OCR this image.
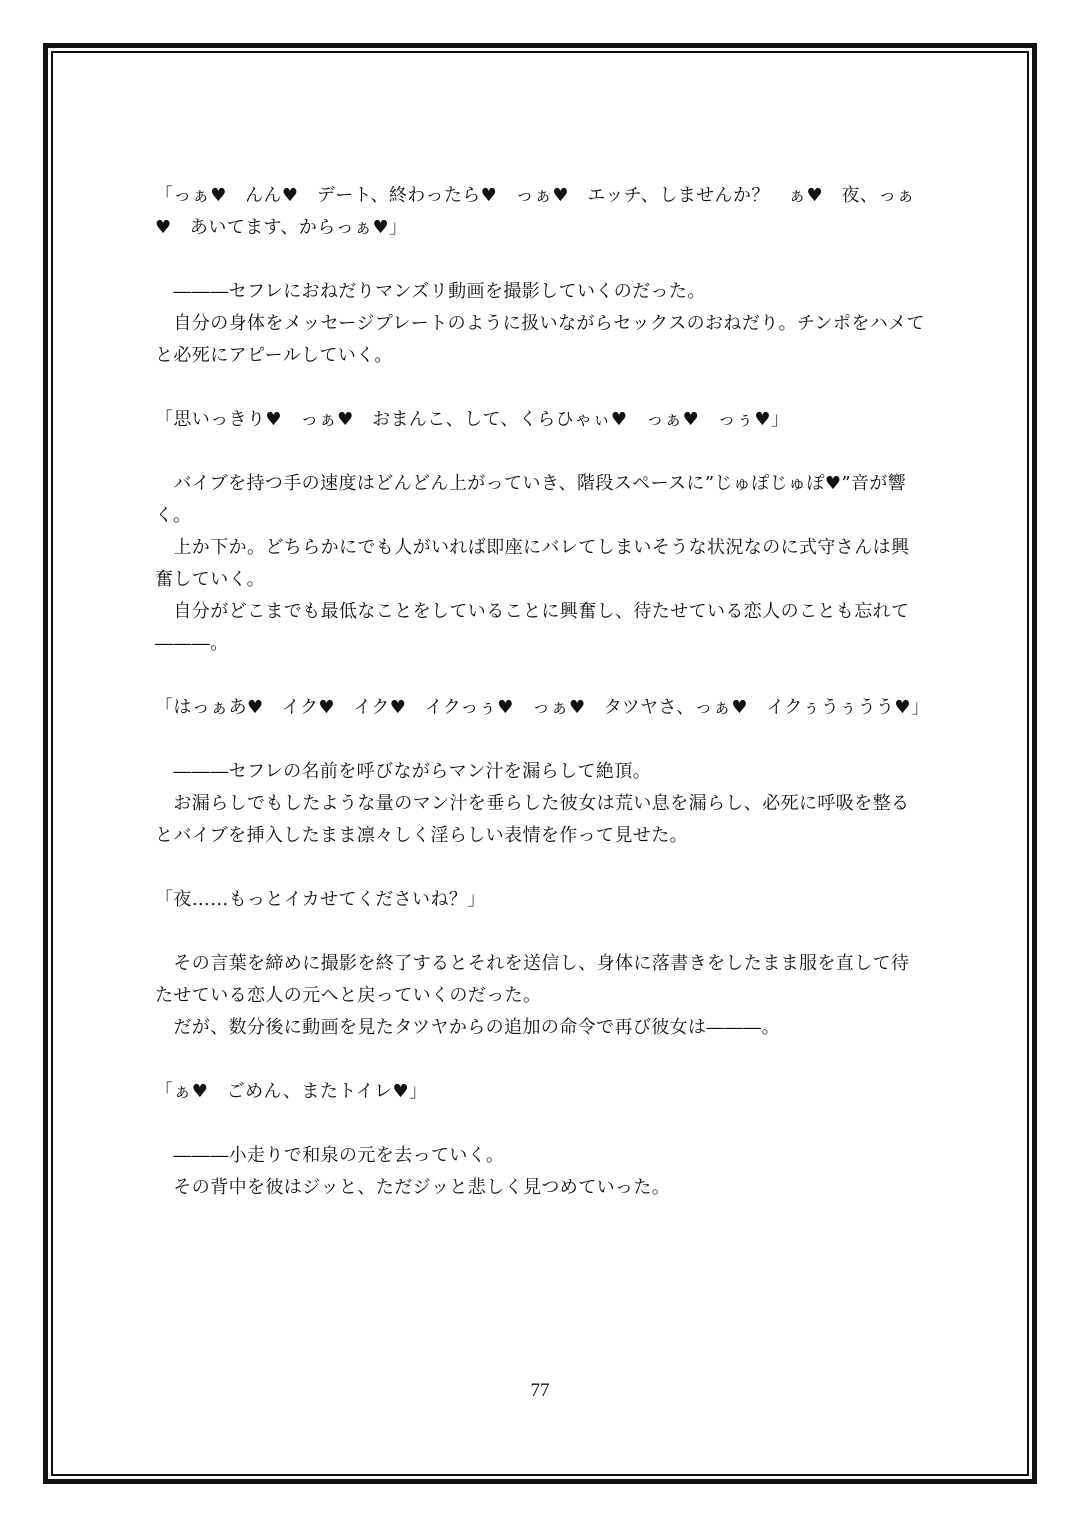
「っぁ♥　んん♥　デート、終わったら♥　っぁ♥　エッチ、しませんか？　ぁ♥　夜、っぁ♥　あいてます、からっぁ♥」

　―――セフレにおねだりマンズリ動画を撮影していくのだった。

　自分の身体をメッセージプレートのように扱いながらセックスのおねだり。チンポをハメてと必死にアピールしていく。

「思いっきり♥　っぁ♥　おまんこ、して、くらひゃぃ♥　っぁ♥　っぅ♥」

　バイブを持つ手の速度はどんどん上がっていき、階段スペースに”じゅぽじゅぽ♥”音が響く。

　上か下か。どちらかにでも人がいれば即座にバレてしまいそうな状況なのに式守さんは興奮していく。

　自分がどこまでも最低なことをしていることに興奮し、待たせている恋人のことも忘れて―――。

「はっぁあ♥　イク♥　イク♥　イクっぅ♥　っぁ♥　タツヤさ、っぁ♥　イクぅうぅうう♥」

　―――セフレの名前を呼びながらマン汁を漏らして絶頂。

　お漏らしでもしたような量のマン汁を垂らした彼女は荒い息を漏らし、必死に呼吸を整るとバイブを挿入したまま凛々しく淫らしい表情を作って見せた。

「夜……もっとイカせてくださいね？」

　その言葉を締めに撮影を終了するとそれを送信し、身体に落書きをしたまま服を直して待たせている恋人の元へと戻っていくのだった。

　だが、数分後に動画を見たタツヤからの追加の命令で再び彼女は―――。

「ぁ♥　ごめん、またトイレ♥」

　―――小走りで和泉の元を去っていく。

　その背中を彼はジッと、ただジッと悲しく見つめていった。

77
